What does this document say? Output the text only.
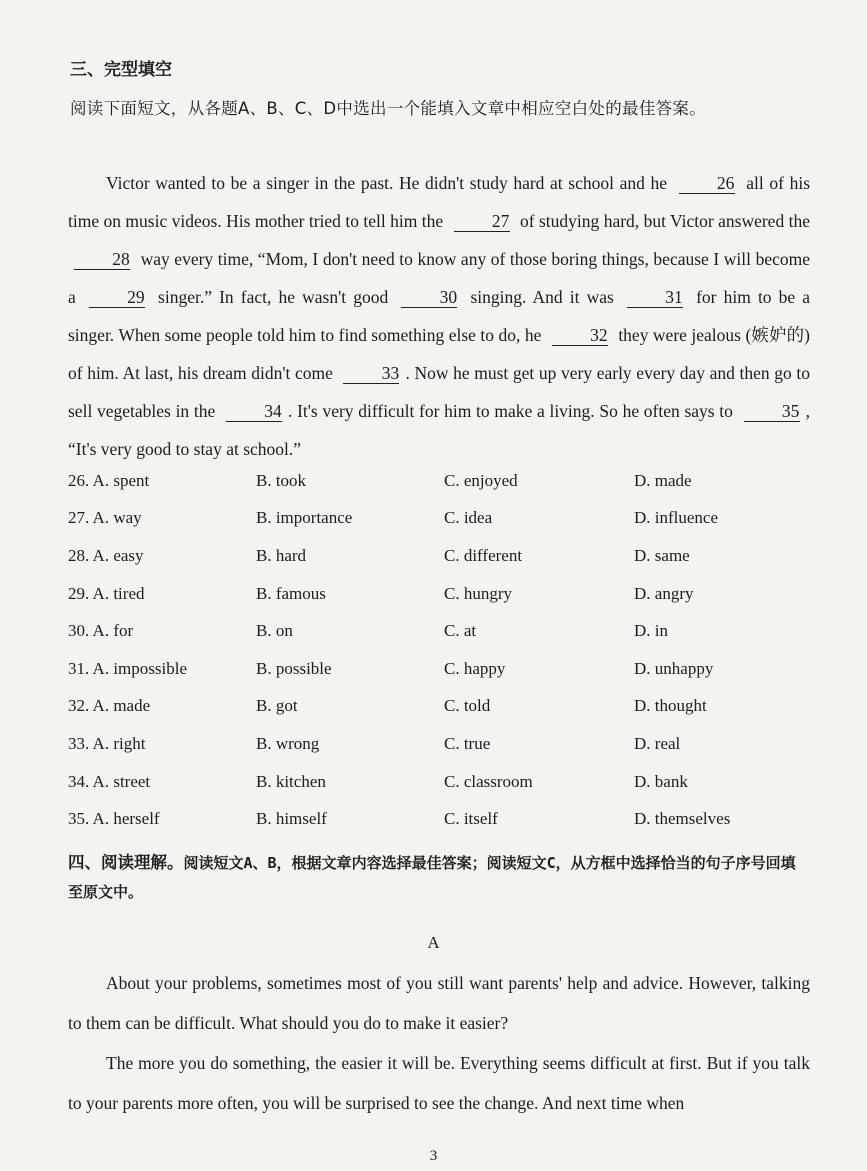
三、完型填空
阅读下面短文，从各题A、B、C、D中选出一个能填入文章中相应空白处的最佳答案。

Victor wanted to be a singer in the past. He didn't study hard at school and he	26 all of his time on music videos. His mother tried to tell him the	27 of studying hard, but Victor answered the 28 way every time, “Mom, I don't need to know any of those boring things, because I will become a	29 singer.” In fact, he wasn't good	30 singing. And it was	31 for him to be a singer. When some people told him to find something else to do, he	32 they were jealous (嫉妒的) of him. At last, his dream didn't come	33 . Now he must get up very early every day and then go to sell vegetables in the	34 . It's very difficult for him to make a living. So he often says to	35 , “It's very good to stay at school.”

26. A. spent	B. took	C. enjoyed	D. made
27. A. way	B. importance	C. idea	D. influence
28. A. easy	B. hard	C. different	D. same
29. A. tired	B. famous	C. hungry	D. angry
30. A. for	B. on	C. at	D. in
31. A. impossible	B. possible	C. happy	D. unhappy
32. A. made	B. got	C. told	D. thought
33. A. right	B. wrong	C. true	D. real
34. A. street	B. kitchen	C. classroom	D. bank
35. A. herself	B. himself	C. itself	D. themselves
四、阅读理解。阅读短文A、B，根据文章内容选择最佳答案；阅读短文C，从方框中选择恰当的句子序号回填至原文中。
A

About your problems, sometimes most of you still want parents' help and advice. However, talking to them can be difficult. What should you do to make it easier?

The more you do something, the easier it will be. Everything seems difficult at first. But if you talk to your parents more often, you will be surprised to see the change. And next time when

3
